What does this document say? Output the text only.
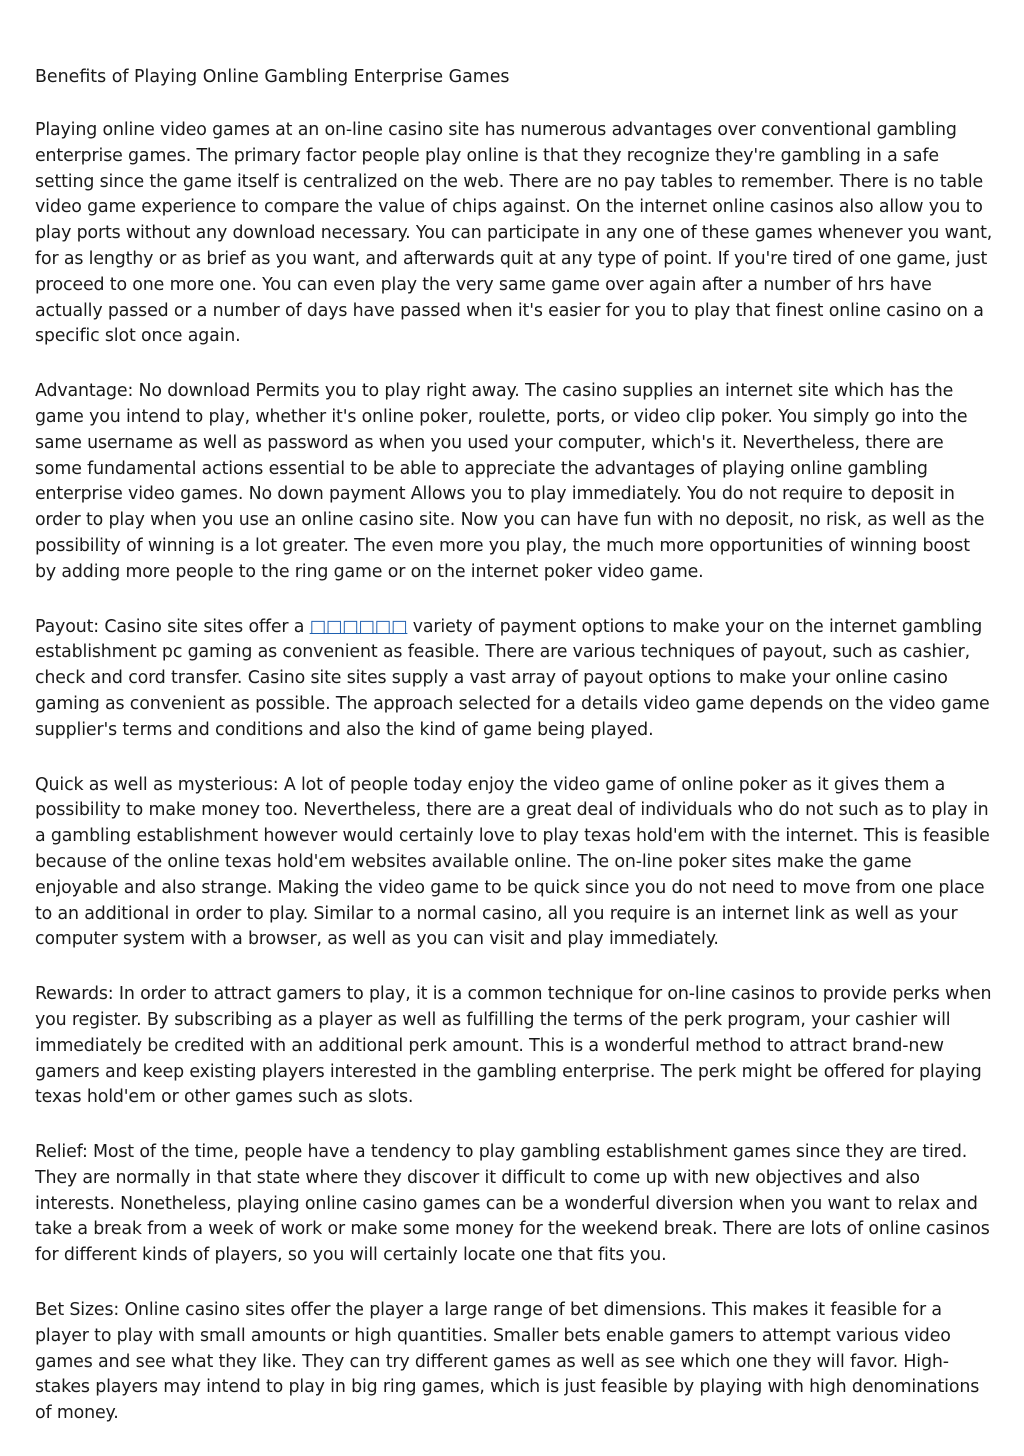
Benefits of Playing Online Gambling Enterprise Games

Playing online video games at an on-line casino site has numerous advantages over conventional gambling enterprise games. The primary factor people play online is that they recognize they're gambling in a safe setting since the game itself is centralized on the web. There are no pay tables to remember. There is no table video game experience to compare the value of chips against. On the internet online casinos also allow you to play ports without any download necessary. You can participate in any one of these games whenever you want, for as lengthy or as brief as you want, and afterwards quit at any type of point. If you're tired of one game, just proceed to one more one. You can even play the very same game over again after a number of hrs have actually passed or a number of days have passed when it's easier for you to play that finest online casino on a specific slot once again.

Advantage: No download Permits you to play right away. The casino supplies an internet site which has the game you intend to play, whether it's online poker, roulette, ports, or video clip poker. You simply go into the same username as well as password as when you used your computer, which's it. Nevertheless, there are some fundamental actions essential to be able to appreciate the advantages of playing online gambling enterprise video games. No down payment Allows you to play immediately. You do not require to deposit in order to play when you use an online casino site. Now you can have fun with no deposit, no risk, as well as the possibility of winning is a lot greater. The even more you play, the much more opportunities of winning boost by adding more people to the ring game or on the internet poker video game.

Payout: Casino site sites offer a □□□□□□ variety of payment options to make your on the internet gambling establishment pc gaming as convenient as feasible. There are various techniques of payout, such as cashier, check and cord transfer. Casino site sites supply a vast array of payout options to make your online casino gaming as convenient as possible. The approach selected for a details video game depends on the video game supplier's terms and conditions and also the kind of game being played.

Quick as well as mysterious: A lot of people today enjoy the video game of online poker as it gives them a possibility to make money too. Nevertheless, there are a great deal of individuals who do not such as to play in a gambling establishment however would certainly love to play texas hold'em with the internet. This is feasible because of the online texas hold'em websites available online. The on-line poker sites make the game enjoyable and also strange. Making the video game to be quick since you do not need to move from one place to an additional in order to play. Similar to a normal casino, all you require is an internet link as well as your computer system with a browser, as well as you can visit and play immediately.

Rewards: In order to attract gamers to play, it is a common technique for on-line casinos to provide perks when you register. By subscribing as a player as well as fulfilling the terms of the perk program, your cashier will immediately be credited with an additional perk amount. This is a wonderful method to attract brand-new gamers and keep existing players interested in the gambling enterprise. The perk might be offered for playing texas hold'em or other games such as slots.

Relief: Most of the time, people have a tendency to play gambling establishment games since they are tired. They are normally in that state where they discover it difficult to come up with new objectives and also interests. Nonetheless, playing online casino games can be a wonderful diversion when you want to relax and take a break from a week of work or make some money for the weekend break. There are lots of online casinos for different kinds of players, so you will certainly locate one that fits you.

Bet Sizes: Online casino sites offer the player a large range of bet dimensions. This makes it feasible for a player to play with small amounts or high quantities. Smaller bets enable gamers to attempt various video games and see what they like. They can try different games as well as see which one they will favor. High-stakes players may intend to play in big ring games, which is just feasible by playing with high denominations of money.
